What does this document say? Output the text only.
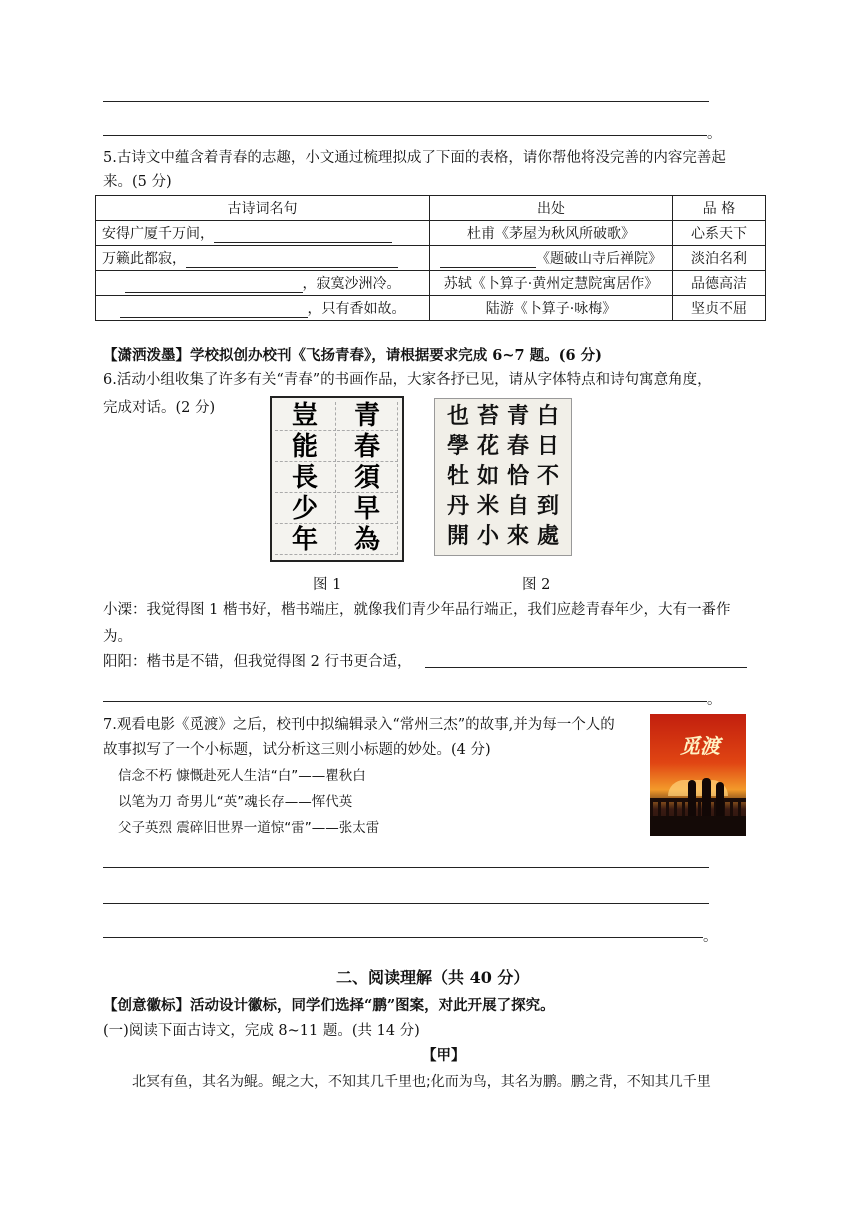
。
5.古诗文中蕴含着青春的志趣，小文通过梳理拟成了下面的表格，请你帮他将没完善的内容完善起
来。(5 分)
古诗词名句	出处	品 格
安得广厦千万间，	杜甫《茅屋为秋风所破歌》	心系天下
万籁此都寂，	《题破山寺后禅院》	淡泊名利
，寂寞沙洲冷。	苏轼《卜算子·黄州定慧院寓居作》	品德高洁
，只有香如故。	陆游《卜算子·咏梅》	坚贞不屈
【潇洒泼墨】学校拟创办校刊《飞扬青春》，请根据要求完成 6~7 题。(6 分)
6.活动小组收集了许多有关“青春”的书画作品，大家各抒已见，请从字体特点和诗句寓意角度，
完成对话。(2 分)	青
春
須
早
為
豈
能
長
少
年
白
日
不
到
處
青
春
恰
自
來
苔
花
如
米
小
也
學
牡
丹
開
图 1	图 2
小溧：我觉得图 1 楷书好，楷书端庄，就像我们青少年品行端正，我们应趁青春年少，大有一番作
为。
阳阳：楷书是不错，但我觉得图 2 行书更合适，
。
7.观看电影《觅渡》之后，校刊中拟编辑录入“常州三杰”的故事,并为每一个人的
故事拟写了一个小标题，试分析这三则小标题的妙处。(4 分)
信念不朽 慷慨赴死人生洁“白”——瞿秋白
以笔为刀 奇男儿“英”魂长存——恽代英
父子英烈 震碎旧世界一道惊“雷”——张太雷
觅渡
。
二、阅读理解（共 40 分）
【创意徽标】活动设计徽标，同学们选择“鹏”图案，对此开展了探究。
(一)阅读下面古诗文，完成 8~11 题。(共 14 分)
【甲】
北冥有鱼，其名为鲲。鲲之大，不知其几千里也;化而为鸟，其名为鹏。鹏之背，不知其几千里
